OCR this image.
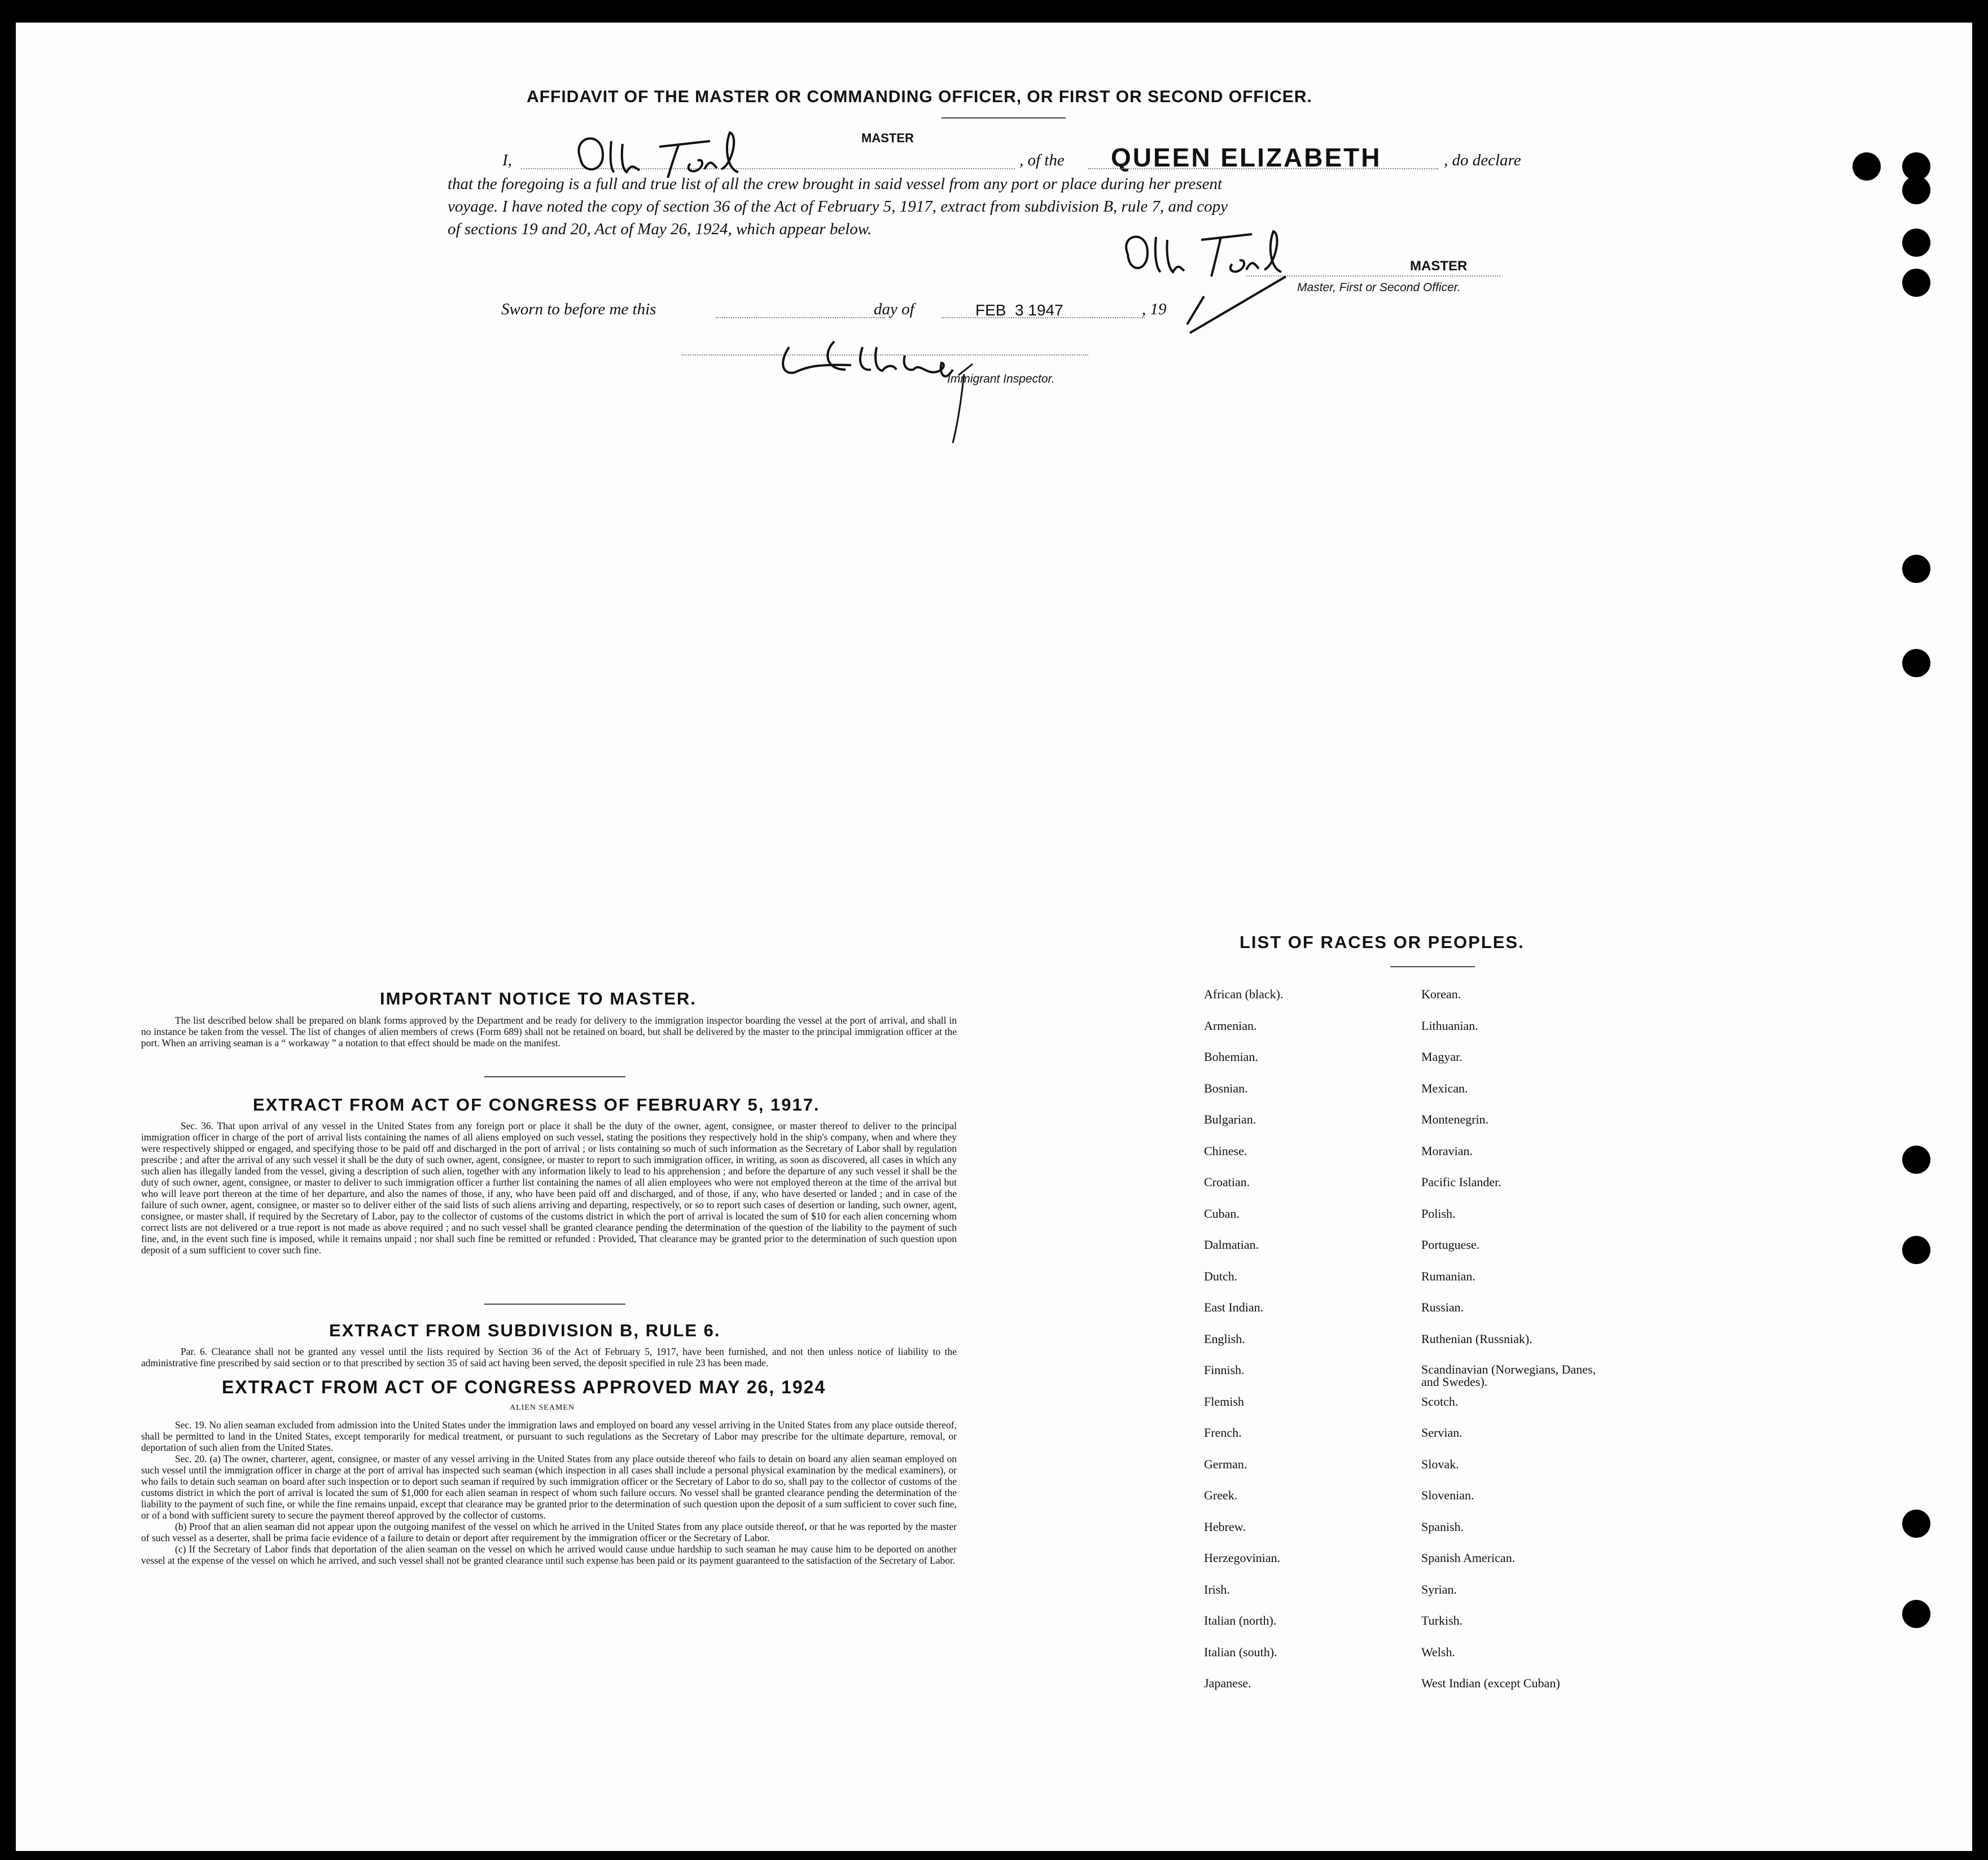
AFFIDAVIT OF THE MASTER OR COMMANDING OFFICER, OR FIRST OR SECOND OFFICER.
I,
MASTER
, of the QUEEN ELIZABETH	, do declare
that the foregoing is a full and true list of all the crew brought in said vessel from any port or place during her present
voyage. I have noted the copy of section 36 of the Act of February 5, 1917, extract from subdivision B, rule 7, and copy
of sections 19 and 20, Act of May 26, 1924, which appear below.
MASTER
Master, First or Second Officer.
Sworn to before me this	day of	FEB  3 1947	, 19
Immigrant Inspector.
IMPORTANT NOTICE TO MASTER.
The list described below shall be prepared on blank forms approved by the Department and be ready for delivery to the immigration inspector boarding the vessel at the port of arrival, and shall in no instance be taken from the vessel. The list of changes of alien members of crews (Form 689) shall not be retained on board, but shall be delivered by the master to the principal immigration officer at the port. When an arriving seaman is a “ workaway ” a notation to that effect should be made on the manifest.
EXTRACT FROM ACT OF CONGRESS OF FEBRUARY 5, 1917.
Sec. 36. That upon arrival of any vessel in the United States from any foreign port or place it shall be the duty of the owner, agent, consignee, or master thereof to deliver to the principal immigration officer in charge of the port of arrival lists containing the names of all aliens employed on such vessel, stating the positions they respectively hold in the ship's company, when and where they were respectively shipped or engaged, and specifying those to be paid off and discharged in the port of arrival ; or lists containing so much of such information as the Secretary of Labor shall by regulation prescribe ; and after the arrival of any such vessel it shall be the duty of such owner, agent, consignee, or master to report to such immigration officer, in writing, as soon as discovered, all cases in which any such alien has illegally landed from the vessel, giving a description of such alien, together with any information likely to lead to his apprehension ; and before the departure of any such vessel it shall be the duty of such owner, agent, consignee, or master to deliver to such immigration officer a further list containing the names of all alien employees who were not employed thereon at the time of the arrival but who will leave port thereon at the time of her departure, and also the names of those, if any, who have been paid off and discharged, and of those, if any, who have deserted or landed ; and in case of the failure of such owner, agent, consignee, or master so to deliver either of the said lists of such aliens arriving and departing, respectively, or so to report such cases of desertion or landing, such owner, agent, consignee, or master shall, if required by the Secretary of Labor, pay to the collector of customs of the customs district in which the port of arrival is located the sum of $10 for each alien concerning whom correct lists are not delivered or a true report is not made as above required ; and no such vessel shall be granted clearance pending the determination of the question of the liability to the payment of such fine, and, in the event such fine is imposed, while it remains unpaid ; nor shall such fine be remitted or refunded : Provided, That clearance may be granted prior to the determination of such question upon deposit of a sum sufficient to cover such fine.
EXTRACT FROM SUBDIVISION B, RULE 6.
Par. 6. Clearance shall not be granted any vessel until the lists required by Section 36 of the Act of February 5, 1917, have been furnished, and not then unless notice of liability to the administrative fine prescribed by said section or to that prescribed by section 35 of said act having been served, the deposit specified in rule 23 has been made.
EXTRACT FROM ACT OF CONGRESS APPROVED MAY 26, 1924
ALIEN SEAMEN

Sec. 19. No alien seaman excluded from admission into the United States under the immigration laws and employed on board any vessel arriving in the United States from any place outside thereof, shall be permitted to land in the United States, except temporarily for medical treatment, or pursuant to such regulations as the Secretary of Labor may prescribe for the ultimate departure, removal, or deportation of such alien from the United States.

Sec. 20. (a) The owner, charterer, agent, consignee, or master of any vessel arriving in the United States from any place outside thereof who fails to detain on board any alien seaman employed on such vessel until the immigration officer in charge at the port of arrival has inspected such seaman (which inspection in all cases shall include a personal physical examination by the medical examiners), or who fails to detain such seaman on board after such inspection or to deport such seaman if required by such immigration officer or the Secretary of Labor to do so, shall pay to the collector of customs of the customs district in which the port of arrival is located the sum of $1,000 for each alien seaman in respect of whom such failure occurs. No vessel shall be granted clearance pending the determination of the liability to the payment of such fine, or while the fine remains unpaid, except that clearance may be granted prior to the determination of such question upon the deposit of a sum sufficient to cover such fine, or of a bond with sufficient surety to secure the payment thereof approved by the collector of customs.

(b) Proof that an alien seaman did not appear upon the outgoing manifest of the vessel on which he arrived in the United States from any place outside thereof, or that he was reported by the master of such vessel as a deserter, shall be prima facie evidence of a failure to detain or deport after requirement by the immigration officer or the Secretary of Labor.

(c) If the Secretary of Labor finds that deportation of the alien seaman on the vessel on which he arrived would cause undue hardship to such seaman he may cause him to be deported on another vessel at the expense of the vessel on which he arrived, and such vessel shall not be granted clearance until such expense has been paid or its payment guaranteed to the satisfaction of the Secretary of Labor.

LIST OF RACES OR PEOPLES.
African (black).	Korean.
Armenian.	Lithuanian.
Bohemian.	Magyar.
Bosnian.	Mexican.
Bulgarian.	Montenegrin.
Chinese.	Moravian.
Croatian.	Pacific Islander.
Cuban.	Polish.
Dalmatian.	Portuguese.
Dutch.	Rumanian.
East Indian.	Russian.
English.	Ruthenian (Russniak).
Finnish.	Scandinavian (Norwegians, Danes, and Swedes).
Flemish	Scotch.
French.	Servian.
German.	Slovak.
Greek.	Slovenian.
Hebrew.	Spanish.
Herzegovinian.	Spanish American.
Irish.	Syrian.
Italian (north).	Turkish.
Italian (south).	Welsh.
Japanese.	West Indian (except Cuban)
